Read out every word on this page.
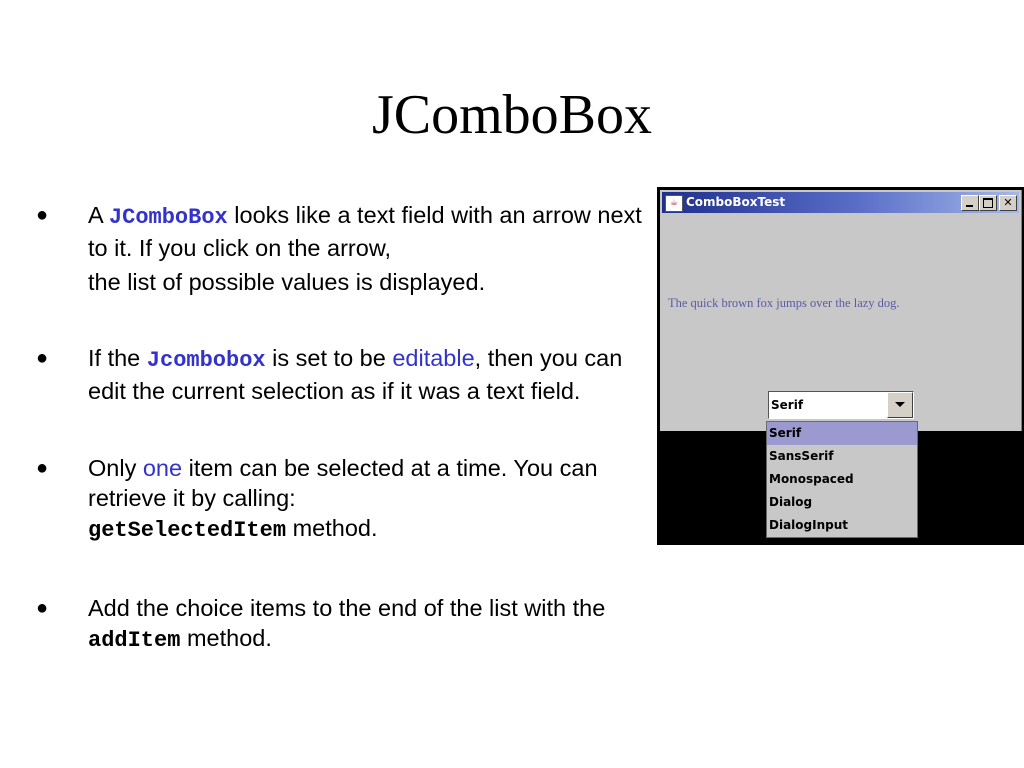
JComboBox
● A JComboBox looks like a text field with an arrow next to it. If you click on the arrow,
the list of possible values is displayed.
● If the Jcombobox is set to be editable, then you can edit the current selection as if it was a text field.
● Only one item can be selected at a time. You can retrieve it by calling:
getSelectedItem method.
● Add the choice items to the end of the list with the addItem method.
☕ ComboBoxTest	✕
The quick brown fox jumps over the lazy dog.
Serif
Serif
SansSerif
Monospaced
Dialog
DialogInput
